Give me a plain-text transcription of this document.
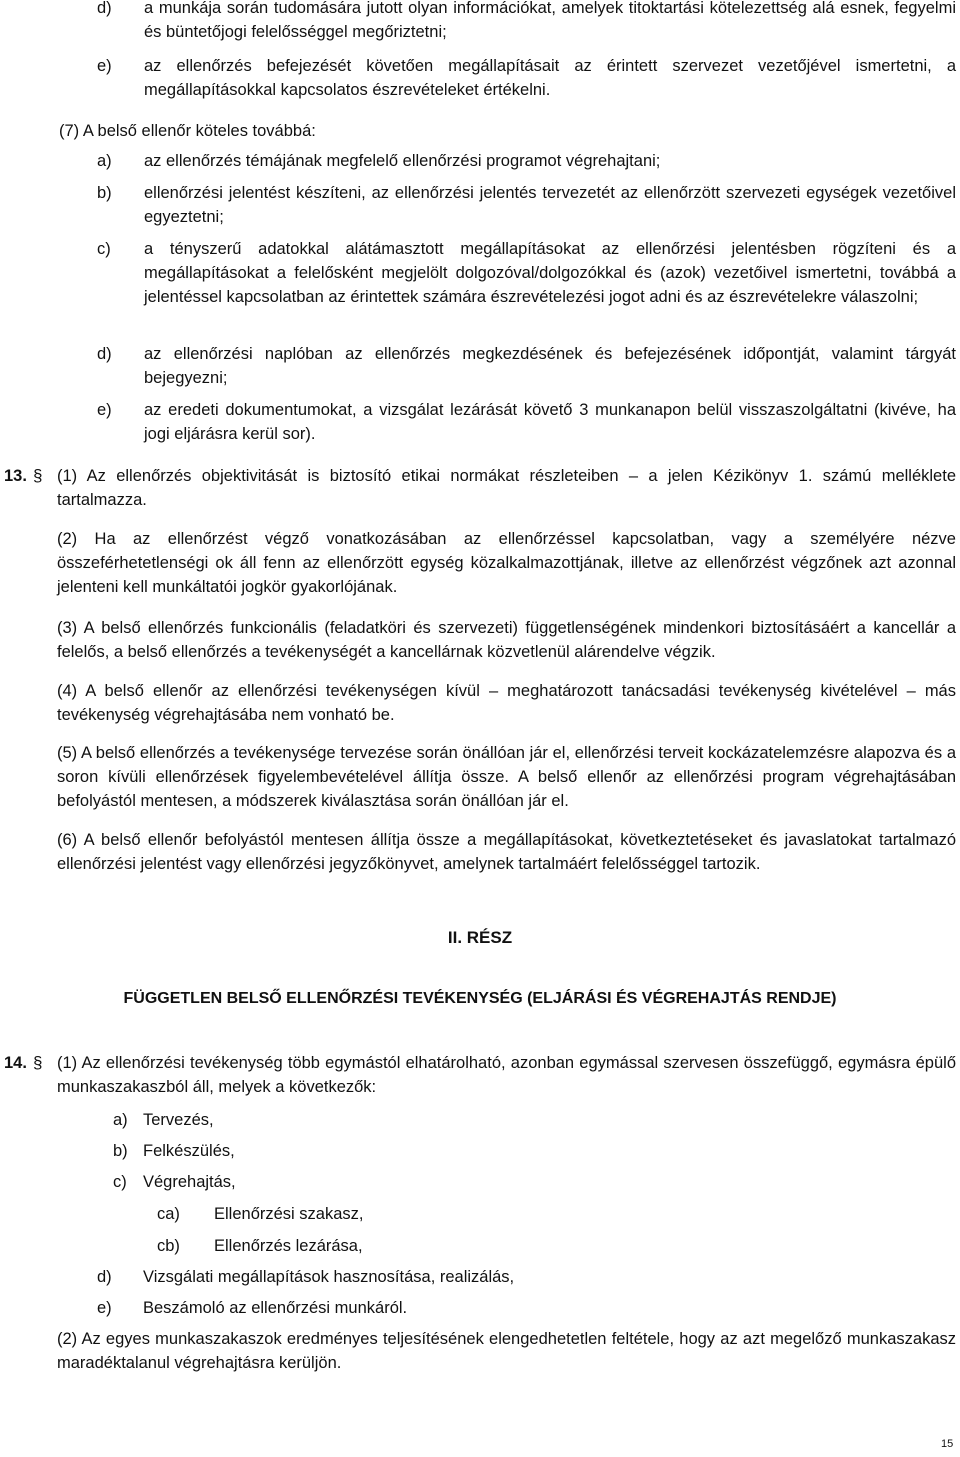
d) a munkája során tudomására jutott olyan információkat, amelyek titoktartási kötelezettség alá esnek, fegyelmi és büntetőjogi felelősséggel megőriztetni;
e) az ellenőrzés befejezését követően megállapításait az érintett szervezet vezetőjével ismertetni, a megállapításokkal kapcsolatos észrevételeket értékelni.
(7) A belső ellenőr köteles továbbá:
a) az ellenőrzés témájának megfelelő ellenőrzési programot végrehajtani;
b) ellenőrzési jelentést készíteni, az ellenőrzési jelentés tervezetét az ellenőrzött szervezeti egységek vezetőivel egyeztetni;
c) a tényszerű adatokkal alátámasztott megállapításokat az ellenőrzési jelentésben rögzíteni és a megállapításokat a felelősként megjelölt dolgozóval/dolgozókkal és (azok) vezetőivel ismertetni, továbbá a jelentéssel kapcsolatban az érintettek számára észrevételezési jogot adni és az észrevételekre válaszolni;
d) az ellenőrzési naplóban az ellenőrzés megkezdésének és befejezésének időpontját, valamint tárgyát bejegyezni;
e) az eredeti dokumentumokat, a vizsgálat lezárását követő 3 munkanapon belül visszaszolgáltatni (kivéve, ha jogi eljárásra kerül sor).
13. § (1) Az ellenőrzés objektivitását is biztosító etikai normákat részleteiben – a jelen Kézikönyv 1. számú melléklete tartalmazza.
(2) Ha az ellenőrzést végző vonatkozásában az ellenőrzéssel kapcsolatban, vagy a személyére nézve összeférhetetlenségi ok áll fenn az ellenőrzött egység közalkalmazottjának, illetve az ellenőrzést végzőnek azt azonnal jelenteni kell munkáltatói jogkör gyakorlójának.
(3) A belső ellenőrzés funkcionális (feladatköri és szervezeti) függetlenségének mindenkori biztosításáért a kancellár a felelős, a belső ellenőrzés a tevékenységét a kancellárnak közvetlenül alárendelve végzik.
(4) A belső ellenőr az ellenőrzési tevékenységen kívül – meghatározott tanácsadási tevékenység kivételével – más tevékenység végrehajtásába nem vonható be.
(5) A belső ellenőrzés a tevékenysége tervezése során önállóan jár el, ellenőrzési terveit kockázatelemzésre alapozva és a soron kívüli ellenőrzések figyelembevételével állítja össze. A belső ellenőr az ellenőrzési program végrehajtásában befolyástól mentesen, a módszerek kiválasztása során önállóan jár el.
(6) A belső ellenőr befolyástól mentesen állítja össze a megállapításokat, következtetéseket és javaslatokat tartalmazó ellenőrzési jelentést vagy ellenőrzési jegyzőkönyvet, amelynek tartalmáért felelősséggel tartozik.
II. RÉSZ
FÜGGETLEN BELSŐ ELLENŐRZÉSI TEVÉKENYSÉG (ELJÁRÁSI ÉS VÉGREHAJTÁS RENDJE)
14. § (1) Az ellenőrzési tevékenység több egymástól elhatárolható, azonban egymással szervesen összefüggő, egymásra épülő munkaszakaszból áll, melyek a következők:
a) Tervezés,
b) Felkészülés,
c) Végrehajtás,
ca) Ellenőrzési szakasz,
cb) Ellenőrzés lezárása,
d) Vizsgálati megállapítások hasznosítása, realizálás,
e) Beszámoló az ellenőrzési munkáról.
(2) Az egyes munkaszakaszok eredményes teljesítésének elengedhetetlen feltétele, hogy az azt megelőző munkaszakasz maradéktalanul végrehajtásra kerüljön.
15
